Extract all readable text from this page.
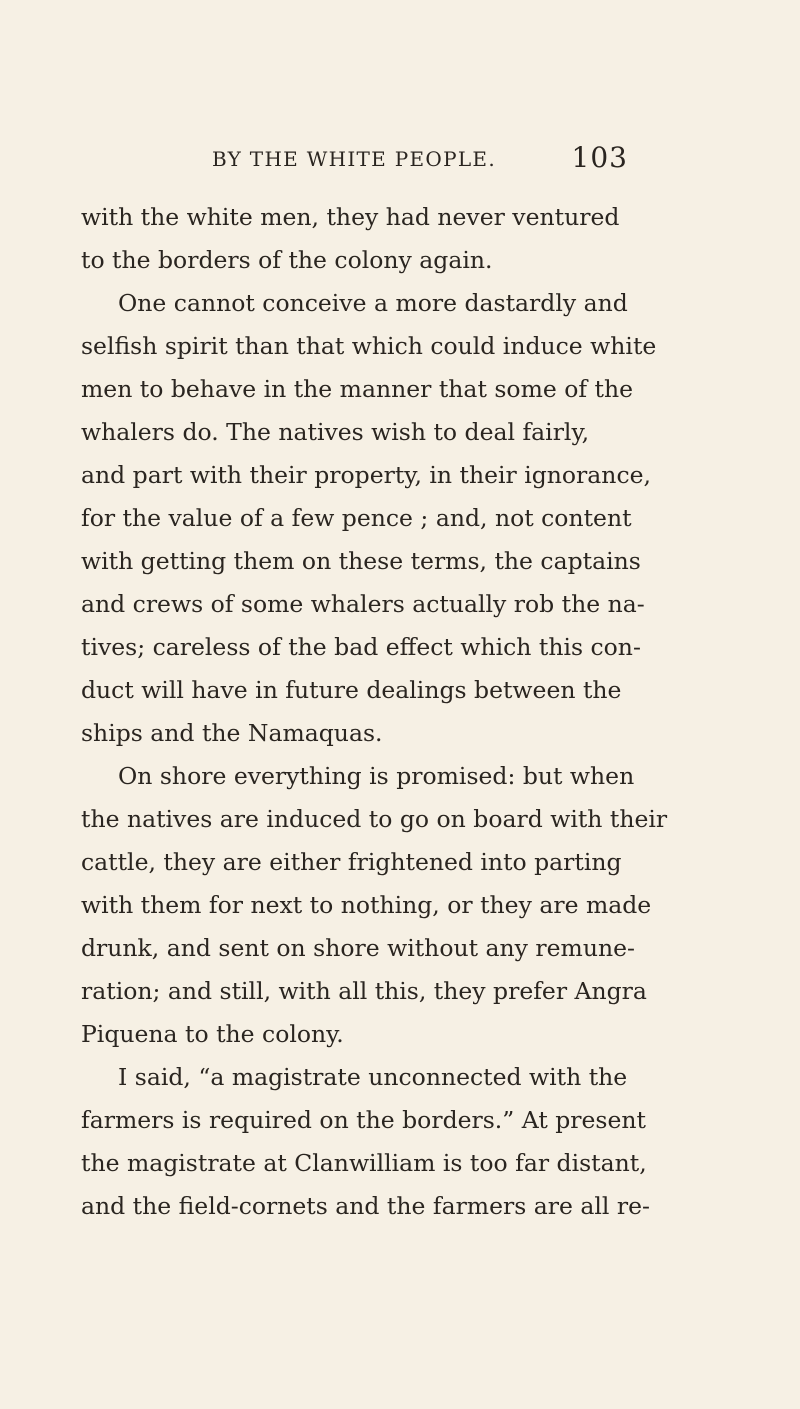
BY THE WHITE PEOPLE.	103
with the white men, they had never ventured
to the borders of the colony again.
One cannot conceive a more dastardly and
selfish spirit than that which could induce white
men to behave in the manner that some of the
whalers do. The natives wish to deal fairly,
and part with their property, in their ignorance,
for the value of a few pence ; and, not content
with getting them on these terms, the captains
and crews of some whalers actually rob the na-
tives; careless of the bad effect which this con-
duct will have in future dealings between the
ships and the Namaquas.
On shore everything is promised: but when
the natives are induced to go on board with their
cattle, they are either frightened into parting
with them for next to nothing, or they are made
drunk, and sent on shore without any remune-
ration; and still, with all this, they prefer Angra
Piquena to the colony.
I said, “a magistrate unconnected with the
farmers is required on the borders.” At present
the magistrate at Clanwilliam is too far distant,
and the field-cornets and the farmers are all re-
